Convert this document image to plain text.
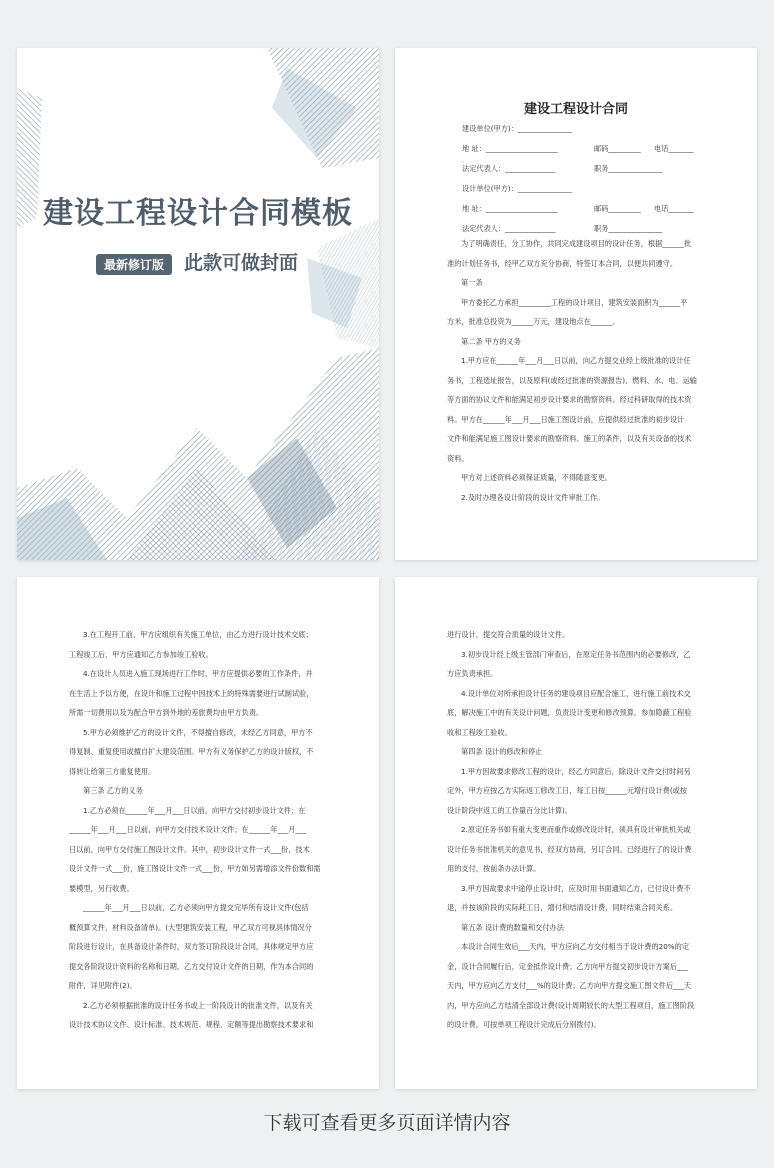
建设工程设计合同模板
最新修订版	此款可做封面
建设工程设计合同
建设单位(甲方)：_______________
地 址：____________________	邮码_________ 电话_______
法定代表人：______________	职务_______________
设计单位(甲方)：_______________
地 址：____________________	邮码_________ 电话_______
法定代表人：______________	职务_______________
为了明确责任，分工协作，共同完成建设项目的设计任务，根据______批
准的计划任务书，经甲乙双方充分协商，特签订本合同，以便共同遵守。
第一条
甲方委托乙方承担_________工程的设计项目，建筑安装面积为______平
方米，批准总投资为______万元，建设地点在______。
第二条 甲方的义务
1.甲方应在______年___月___日以前，向乙方提交业经上级批准的设计任
务书，工程选址报告，以及原料(或经过批准的资源报告)、燃料、水、电、运输
等方面的协议文件和能满足初步设计要求的勘察资料、经过科研取得的技术资
料。甲方在______年___月___日施工图设计前，应提供经过批准的初步设计
文件和能满足施工图设计要求的勘察资料、施工的条件，以及有关设备的技术
资料。
甲方对上述资料必须保证质量，不得随意变更。
2.及时办理各设计阶段的设计文件审批工作。
3.在工程开工前，甲方应组织有关施工单位，由乙方进行设计技术交底；
工程竣工后，甲方应通知乙方参加竣工验收。
4.在设计人员进入施工现场进行工作时，甲方应提供必要的工作条件，并
在生活上予以方便，在设计和施工过程中因技术上的特殊需要进行试制试验，
所需一切费用以及为配合甲方到外地的差旅费均由甲方负责。
5.甲方必须维护乙方的设计文件，不得擅自修改，未经乙方同意，甲方不
得复制、重复使用或擅自扩大建设范围。甲方有义务保护乙方的设计版权，不
得转让给第三方重复使用。
第三条 乙方的义务
1.乙方必须在______年___月___日以前，向甲方交付初步设计文件；在
______年___月___日以前，向甲方交付技术设计文件；在______年___月___
日以前，向甲方交付施工图设计文件。其中，初步设计文件一式___份，技术
设计文件一式___份，施工图设计文件一式___份，甲方如另需增添文件份数和需
要模型，另行收费。
______年___月___日以前，乙方必须向甲方提交完毕所有设计文件(包括
概预算文件、材料设备清单)。(大型建筑安装工程，甲乙双方可视具体情况分
阶段进行设计，在具备设计条件时，双方签订阶段设计合同，具体规定甲方应
提交各阶段设计资料的名称和日期，乙方交付设计文件的日期，作为本合同的
附件，详见附件(2)。
2.乙方必须根据批准的设计任务书或上一阶段设计的批准文件，以及有关
设计技术协议文件、设计标准、技术规范、规程、定额等提出勘察技术要求和
进行设计，提交符合质量的设计文件。
3.初步设计经上级主管部门审查后，在原定任务书范围内的必要修改，乙
方应负责承担。
4.设计单位对所承担设计任务的建设项目应配合施工，进行施工前技术交
底，解决施工中的有关设计问题，负责设计变更和修改预算，参加隐蔽工程验
收和工程竣工验收。
第四条 设计的修改和停止
1.甲方因故要求修改工程的设计，经乙方同意后，除设计文件交付时间另
定外，甲方应按乙方实际返工修改工日，每工日按______元增付设计费(或按
设计阶段中返工的工作量百分比计算)。
2.原定任务书如有重大变更而重作或修改设计时，须具有设计审批机关或
设计任务书批准机关的意见书，经双方协商，另订合同。已经进行了的设计费
用的支付，按前条办法计算。
3.甲方因故要求中途停止设计时，应及时用书面通知乙方，已付设计费不
退，并按该阶段的实际耗工日，增付和结清设计费，同时结束合同关系。
第五条 设计费的数量和交付办法
本设计合同生效后___天内，甲方应向乙方交付相当于设计费的20%的定
金，设计合同履行后，定金抵作设计费；乙方向甲方提交初步设计方案后___
天内，甲方应向乙方支付___%的设计费；乙方向甲方提交施工图文件后___天
内，甲方应向乙方结清全部设计费(设计周期较长的大型工程项目，施工图阶段
的设计费，可按单项工程设计完成后分别拨付)。
下载可查看更多页面详情内容
